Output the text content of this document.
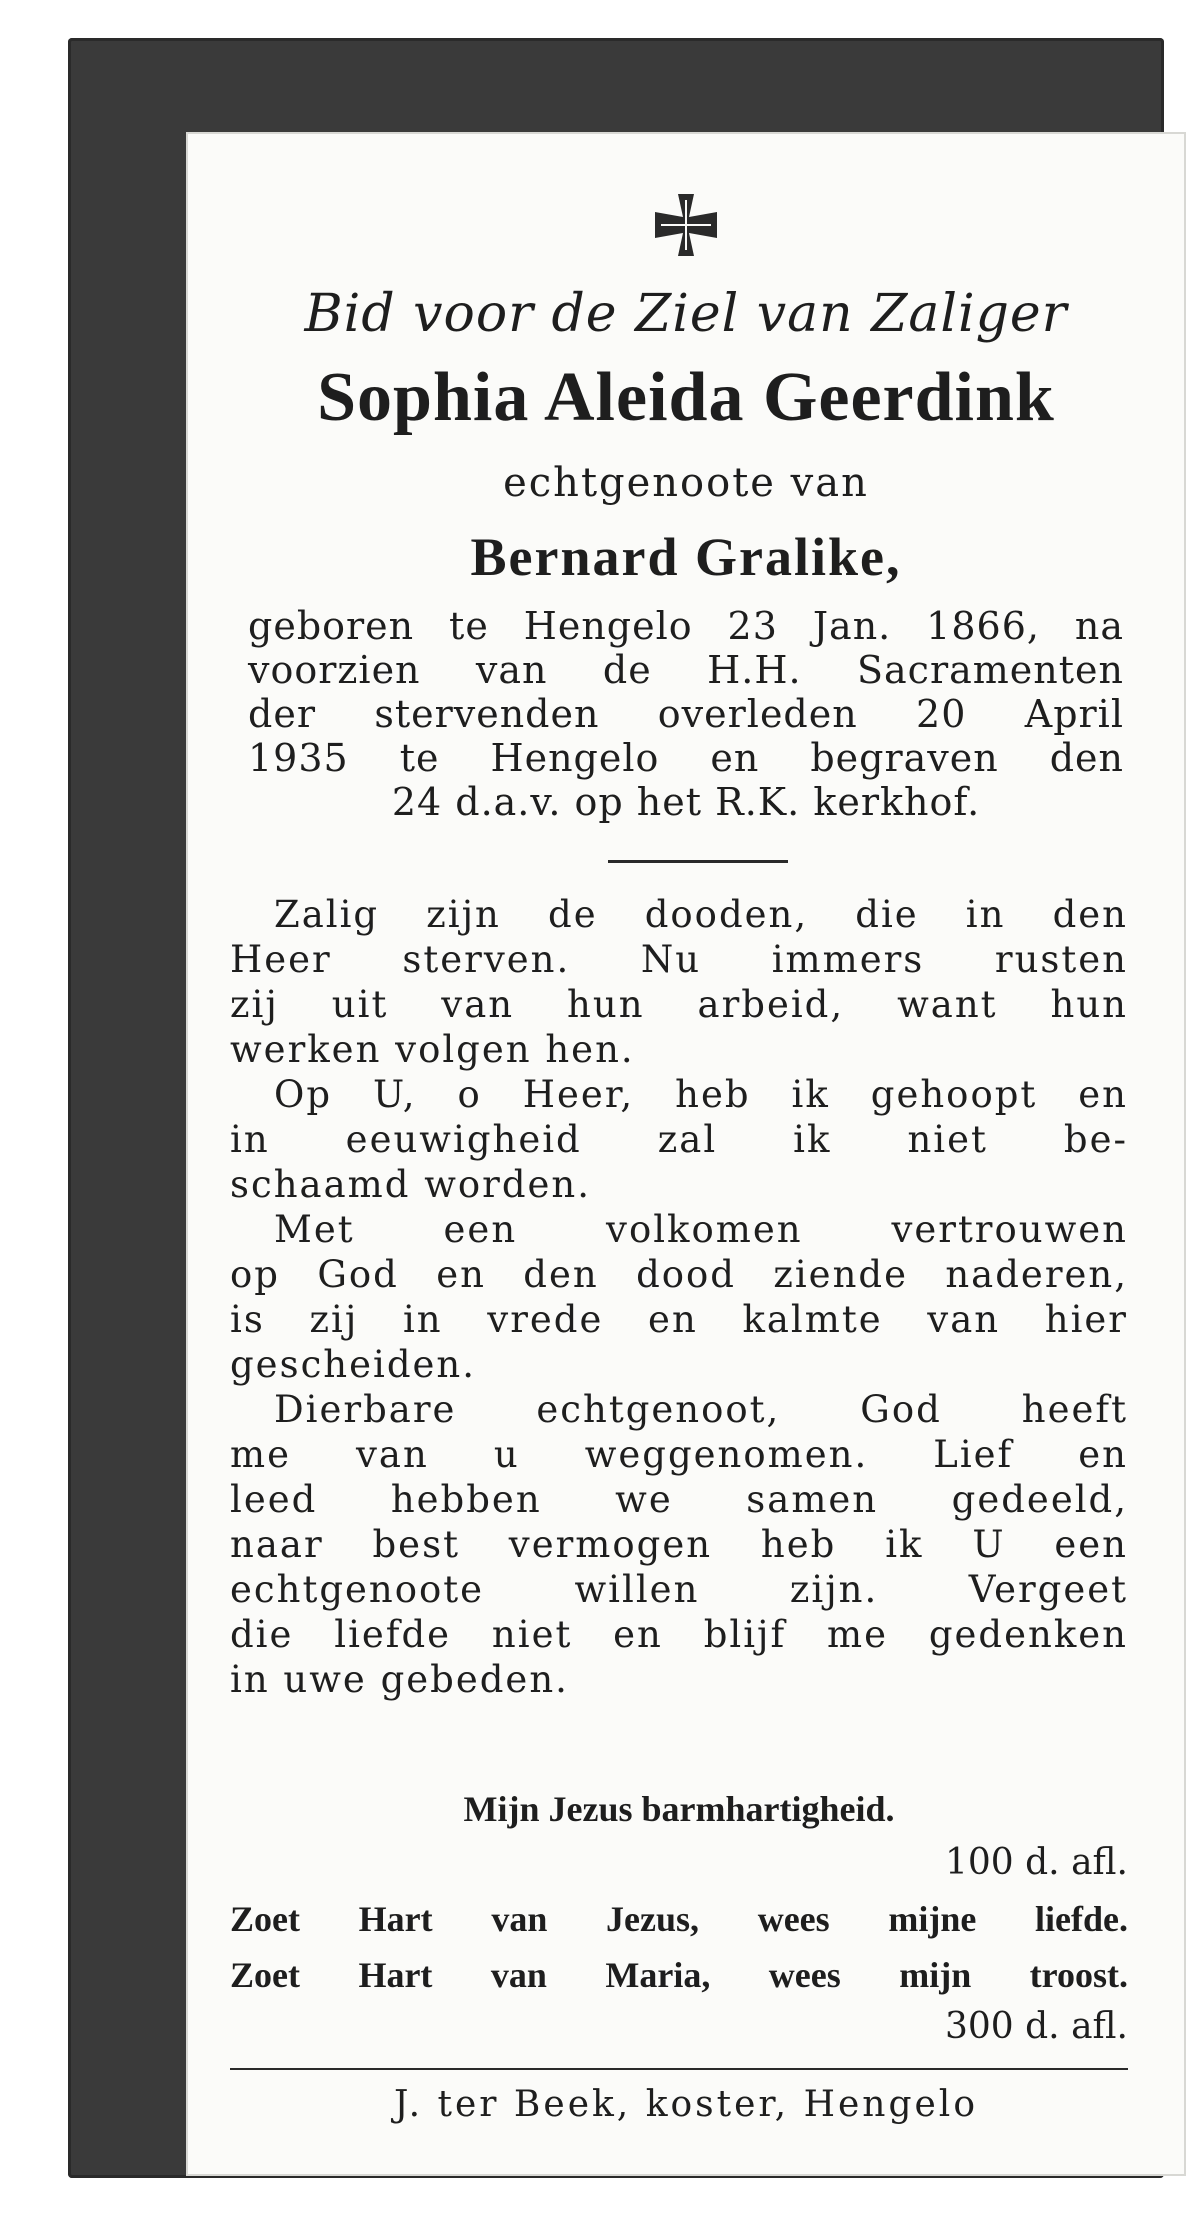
Bid voor de Ziel van Zaliger
Sophia Aleida Geerdink
echtgenoote van
Bernard Gralike,
geboren te Hengelo 23 Jan. 1866, na
voorzien van de H.H. Sacramenten
der stervenden overleden 20 April
1935 te Hengelo en begraven den
24 d.a.v. op het R.K. kerkhof.
Zalig zijn de dooden, die in den
Heer sterven. Nu immers rusten
zij uit van hun arbeid, want hun
werken volgen hen.
Op U, o Heer, heb ik gehoopt en
in eeuwigheid zal ik niet be-
schaamd worden.
Met een volkomen vertrouwen
op God en den dood ziende naderen,
is zij in vrede en kalmte van hier
gescheiden.
Dierbare echtgenoot, God heeft
me van u weggenomen. Lief en
leed hebben we samen gedeeld,
naar best vermogen heb ik U een
echtgenoote willen zijn. Vergeet
die liefde niet en blijf me gedenken
in uwe gebeden.
Mijn Jezus barmhartigheid.
100 d. afl.
Zoet Hart van Jezus, wees mijne liefde.
Zoet Hart van Maria, wees mijn troost.
300 d. afl.
J. ter Beek, koster, Hengelo
